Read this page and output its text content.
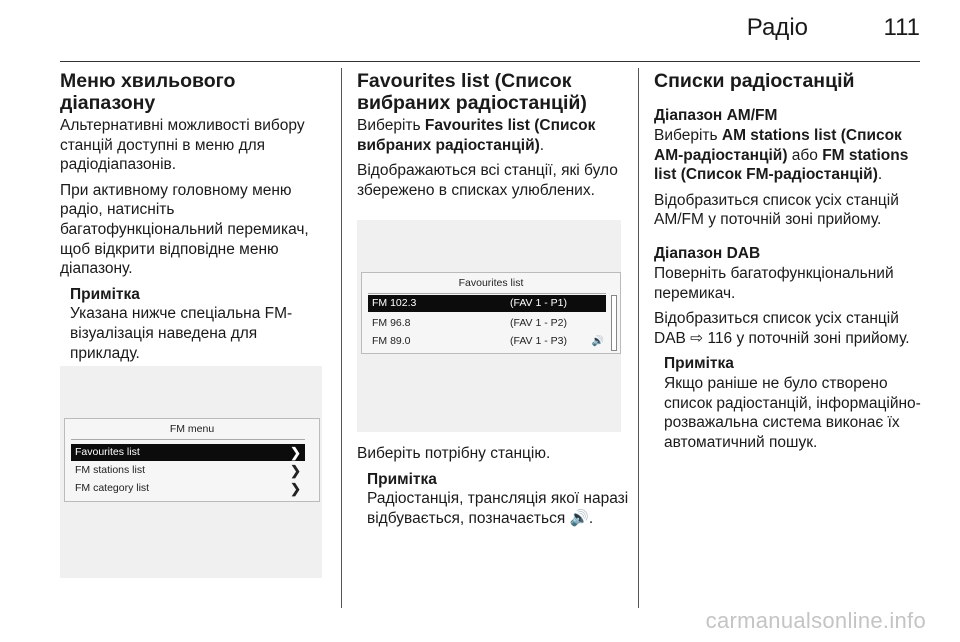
Радіо	111
Меню хвильового діапазону

Альтернативні можливості вибору станцій доступні в меню для радіодіапазонів.

При активному головному меню радіо, натисніть багатофункціональний перемикач, щоб відкрити відповідне меню діапазону.

Примітка

Указана нижче спеціальна FM-візуалізація наведена для прикладу.

FM menu
Favourites list	❯
FM stations list	❯
FM category list	❯
Favourites list (Список вибраних радіостанцій)

Виберіть Favourites list (Список вибраних радіостанцій).

Відображаються всі станції, які було збережено в списках улюблених.

Favourites list
FM 102.3	(FAV 1 - P1)
FM 96.8	(FAV 1 - P2)
FM 89.0	(FAV 1 - P3) 🔊

Виберіть потрібну станцію.

Примітка

Радіостанція, трансляція якої наразі відбувається, позначається 🔊.

Списки радіостанцій
Діапазон AM/FM

Виберіть AM stations list (Список АМ-радіостанцій) або FM stations list (Список FM-радіостанцій).

Відобразиться список усіх станцій AM/FM у поточній зоні прийому.

Діапазон DAB

Поверніть багатофункціональний перемикач.

Відобразиться список усіх станцій DAB ⇨ 116 у поточній зоні прийому.

Примітка

Якщо раніше не було створено список радіостанцій, інформаційно-розважальна система виконає їх автоматичний пошук.

carmanualsonline.info
